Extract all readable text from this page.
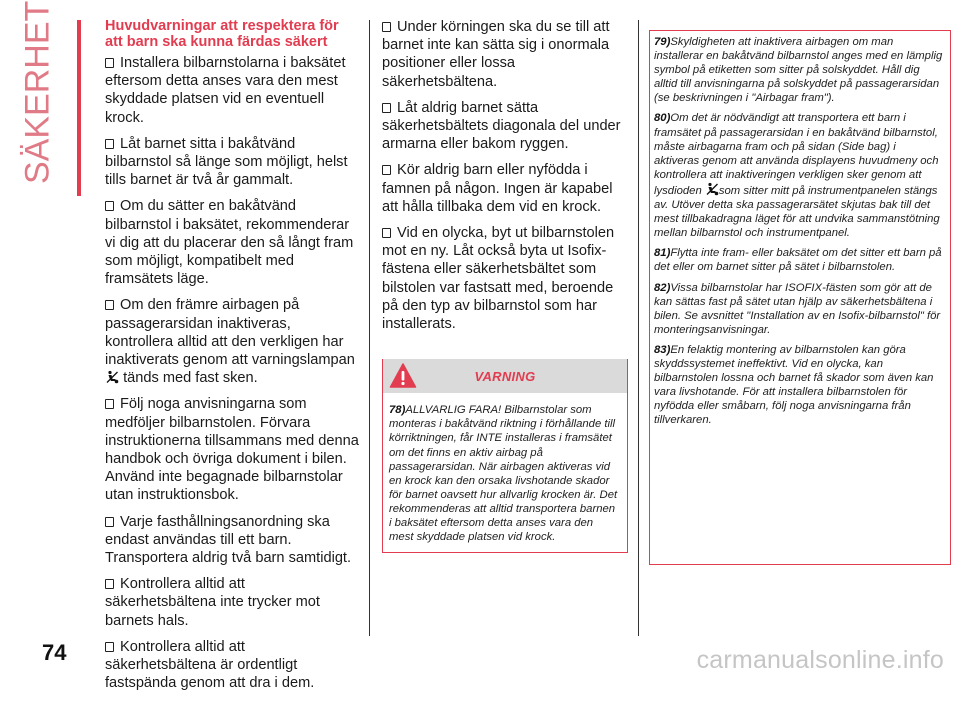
SÄKERHET	Huvudvarningar att respektera för att barn ska kunna färdas säkert

Installera bilbarnstolarna i baksätet eftersom detta anses vara den mest skyddade platsen vid en eventuell krock.

Låt barnet sitta i bakåtvänd bilbarnstol så länge som möjligt, helst tills barnet är två år gammalt.

Om du sätter en bakåtvänd bilbarnstol i baksätet, rekommenderar vi dig att du placerar den så långt fram som möjligt, kompatibelt med framsätets läge.

Om den främre airbagen på passagerarsidan inaktiveras, kontrollera alltid att den verkligen har inaktiverats genom att varningslampan  tänds med fast sken.

Följ noga anvisningarna som medföljer bilbarnstolen. Förvara instruktionerna tillsammans med denna handbok och övriga dokument i bilen. Använd inte begagnade bilbarnstolar utan instruktionsbok.

Varje fasthållningsanordning ska endast användas till ett barn. Transportera aldrig två barn samtidigt.

Kontrollera alltid att säkerhetsbältena inte trycker mot barnets hals.

Kontrollera alltid att säkerhetsbältena är ordentligt fastspända genom att dra i dem.

Under körningen ska du se till att barnet inte kan sätta sig i onormala positioner eller lossa säkerhetsbältena.

Låt aldrig barnet sätta säkerhetsbältets diagonala del under armarna eller bakom ryggen.

Kör aldrig barn eller nyfödda i famnen på någon. Ingen är kapabel att hålla tillbaka dem vid en krock.

Vid en olycka, byt ut bilbarnstolen mot en ny. Låt också byta ut Isofix-fästena eller säkerhetsbältet som bilstolen var fastsatt med, beroende på den typ av bilbarnstol som har installerats.

VARNING
78)ALLVARLIG FARA! Bilbarnstolar som monteras i bakåtvänd riktning i förhållande till körriktningen, får INTE installeras i framsätet om det finns en aktiv airbag på passagerarsidan. När airbagen aktiveras vid en krock kan den orsaka livshotande skador för barnet oavsett hur allvarlig krocken är. Det rekommenderas att alltid transportera barnen i baksätet eftersom detta anses vara den mest skyddade platsen vid krock.

79)Skyldigheten att inaktivera airbagen om man installerar en bakåtvänd bilbarnstol anges med en lämplig symbol på etiketten som sitter på solskyddet. Håll dig alltid till anvisningarna på solskyddet på passagerarsidan (se beskrivningen i "Airbagar fram").

80)Om det är nödvändigt att transportera ett barn i framsätet på passagerarsidan i en bakåtvänd bilbarnstol, måste airbagarna fram och på sidan (Side bag) i aktiveras genom att använda displayens huvudmeny och kontrollera att inaktiveringen verkligen sker genom att lysdioden som sitter mitt på instrumentpanelen stängs av. Utöver detta ska passagerarsätet skjutas bak till det mest tillbakadragna läget för att undvika sammanstötning mellan bilbarnstol och instrumentpanel.

81)Flytta inte fram- eller baksätet om det sitter ett barn på det eller om barnet sitter på sätet i bilbarnstolen.

82)Vissa bilbarnstolar har ISOFIX-fästen som gör att de kan sättas fast på sätet utan hjälp av säkerhetsbältena i bilen. Se avsnittet "Installation av en Isofix-bilbarnstol" för monteringsanvisningar.

83)En felaktig montering av bilbarnstolen kan göra skyddssystemet ineffektivt. Vid en olycka, kan bilbarnstolen lossna och barnet få skador som även kan vara livshotande. För att installera bilbarnstolen för nyfödda eller småbarn, följ noga anvisningarna från tillverkaren.

74	carmanualsonline.info
